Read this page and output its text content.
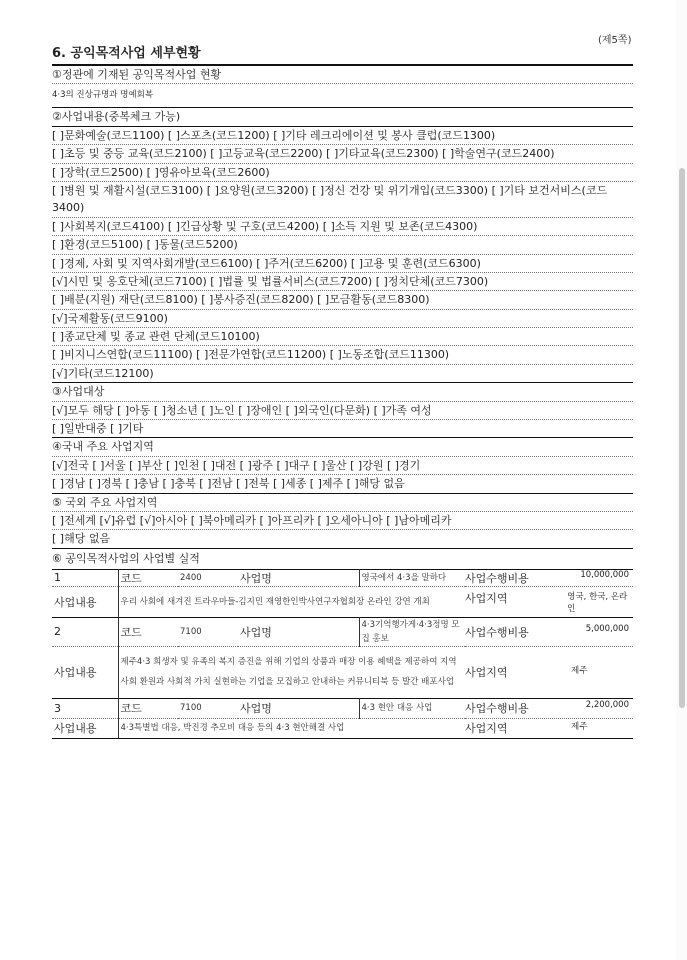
(제5쪽)
6. 공익목적사업 세부현황
①정관에 기재된 공익목적사업 현황
4·3의 진상규명과 명예회복
②사업내용(중복체크 가능)
[ ]문화예술(코드1100) [ ]스포츠(코드1200) [ ]기타 레크리에이션 및 봉사 클럽(코드1300)
[ ]초등 및 중등 교육(코드2100) [ ]고등교육(코드2200) [ ]기타교육(코드2300) [ ]학술연구(코드2400)
[ ]장학(코드2500) [ ]영유아보육(코드2600)
[ ]병원 및 재활시설(코드3100) [ ]요양원(코드3200) [ ]정신 건강 및 위기개입(코드3300) [ ]기타 보건서비스(코드 3400)
[ ]사회복지(코드4100) [ ]긴급상황 및 구호(코드4200) [ ]소득 지원 및 보존(코드4300)
[ ]환경(코드5100) [ ]동물(코드5200)
[ ]경제, 사회 및 지역사회개발(코드6100) [ ]주거(코드6200) [ ]고용 및 훈련(코드6300)
[√]시민 및 옹호단체(코드7100) [ ]법률 및 법률서비스(코드7200) [ ]정치단체(코드7300)
[ ]배분(지원) 재단(코드8100) [ ]봉사증진(코드8200) [ ]모금활동(코드8300)
[√]국제활동(코드9100)
[ ]종교단체 및 종교 관련 단체(코드10100)
[ ]비지니스연합(코드11100) [ ]전문가연합(코드11200) [ ]노동조합(코드11300)
[√]기타(코드12100)
③사업대상
[√]모두 해당 [ ]아동 [ ]청소년 [ ]노인 [ ]장애인 [ ]외국인(다문화) [ ]가족 여성
[ ]일반대중 [ ]기타
④국내 주요 사업지역
[√]전국 [ ]서울 [ ]부산 [ ]인천 [ ]대전 [ ]광주 [ ]대구 [ ]울산 [ ]강원 [ ]경기
[ ]경남 [ ]경북 [ ]충남 [ ]충북 [ ]전남 [ ]전북 [ ]세종 [ ]제주 [ ]해당 없음
⑤ 국외 주요 사업지역
[ ]전세계 [√]유럽 [√]아시아 [ ]북아메리카 [ ]아프리카 [ ]오세아니아 [ ]남아메리카
[ ]해당 없음
⑥ 공익목적사업의 사업별 실적
1	코드	2400	사업명	영국에서 4·3을 말하다	사업수행비용 10,000,000

사업내용	우리 사회에 새겨진 트라우마들-김지민 재영한인박사연구자협회장 온라인 강연 개최				사업지역 영국, 한국, 온라인

2	코드	7100	사업명	4·3기억행가게·4·3정명 모집 홍보	사업수행비용 5,000,000

사업내용	제주4·3 희생자 및 유족의 복지 증진을 위해 기업의 상품과 매장 이용 혜택을 제공하여 지역사회 환원과 사회적 가치 실현하는 기업을 모집하고 안내하는 커뮤니티북 등 발간 배포사업				사업지역 제주

3	코드	7100	사업명	4·3 현안 대응 사업	사업수행비용 2,200,000

사업내용	4·3특별법 대응, 박진경 추모비 대응 등의 4·3 현안해결 사업				사업지역 제주
